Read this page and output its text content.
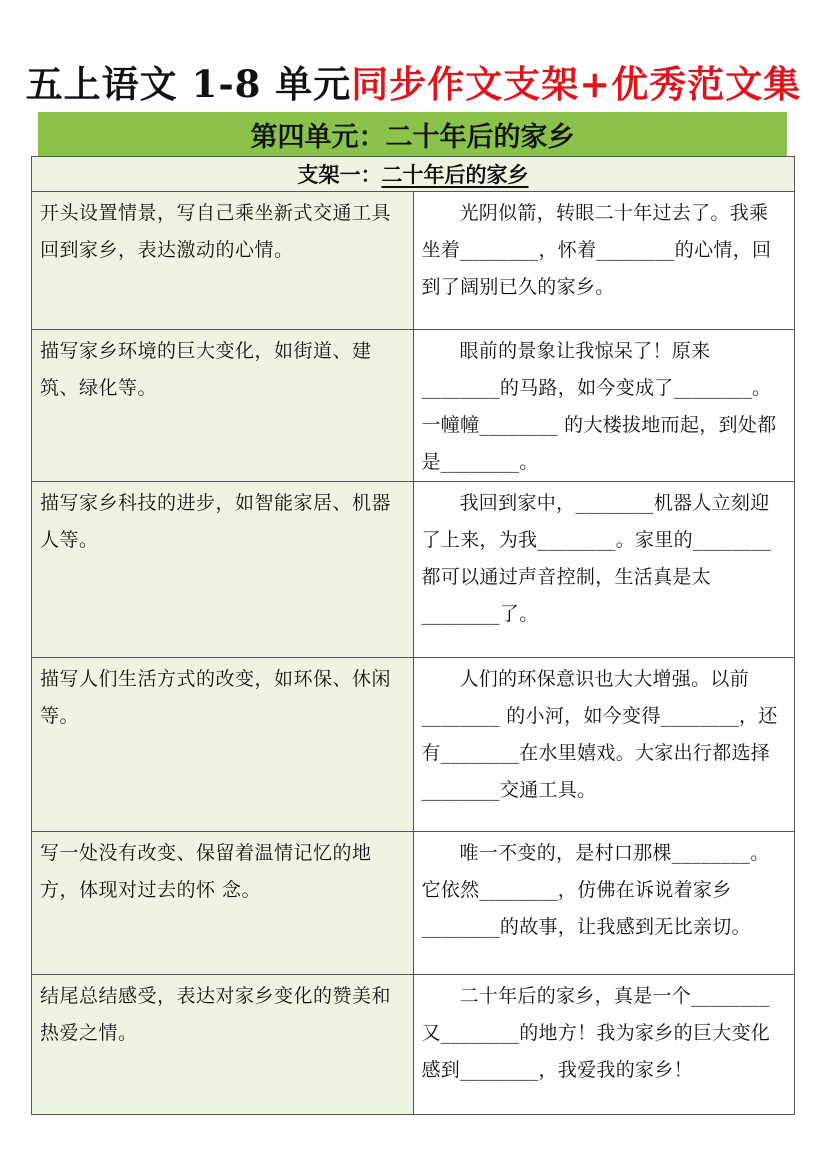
五上语文 1-8 单元同步作文支架+优秀范文集
第四单元：二十年后的家乡
支架一：二十年后的家乡	
开头设置情景，写自己乘坐新式交通工具回到家乡，表达激动的心情。	光阴似箭，转眼二十年过去了。我乘坐着________，怀着________的心情，回到了阔别已久的家乡。
描写家乡环境的巨大变化，如街道、建筑、绿化等。	眼前的景象让我惊呆了！原来________的马路，如今变成了________。一幢幢________ 的大楼拔地而起，到处都是________。
描写家乡科技的进步，如智能家居、机器人等。	我回到家中，________机器人立刻迎了上来，为我________。家里的________都可以通过声音控制，生活真是太________了。
描写人们生活方式的改变，如环保、休闲等。	人们的环保意识也大大增强。以前________ 的小河，如今变得________，还有________在水里嬉戏。大家出行都选择________交通工具。
写一处没有改变、保留着温情记忆的地方，体现对过去的怀 念。	唯一不变的，是村口那棵________。它依然________，仿佛在诉说着家乡________的故事，让我感到无比亲切。
结尾总结感受，表达对家乡变化的赞美和热爱之情。	二十年后的家乡，真是一个________又________的地方！我为家乡的巨大变化感到________，我爱我的家乡！
